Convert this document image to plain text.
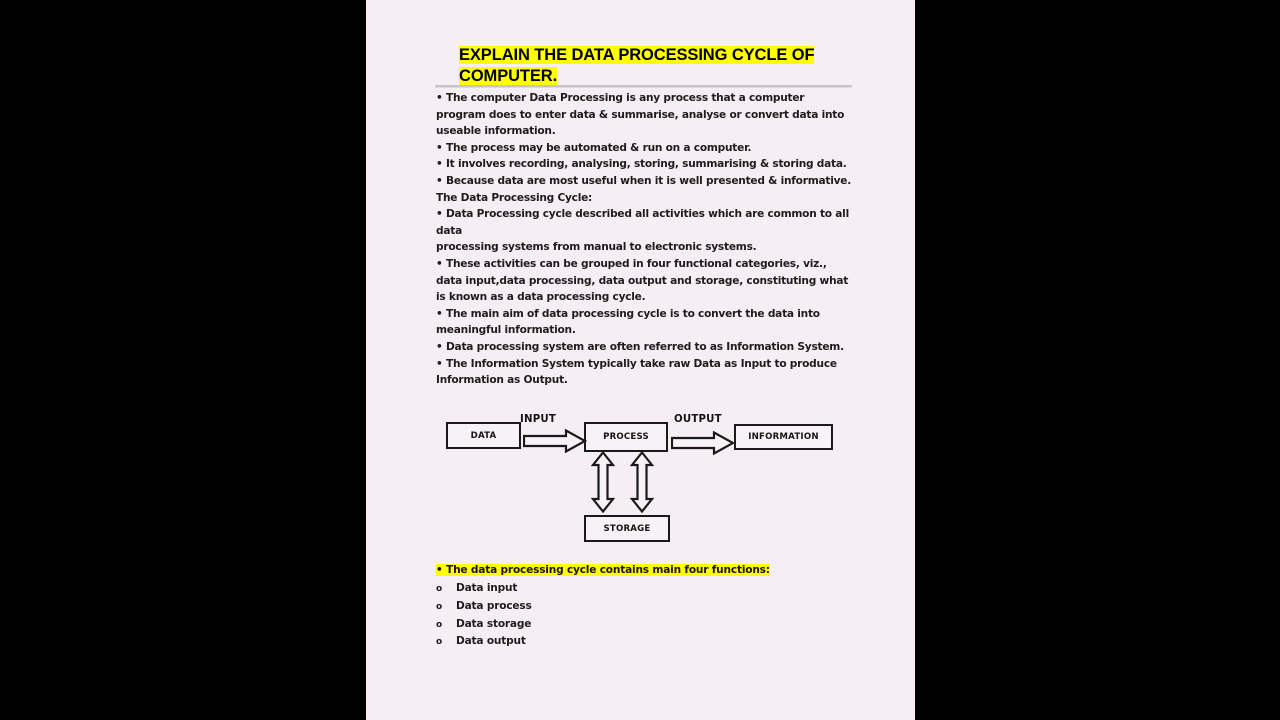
EXPLAIN THE DATA PROCESSING CYCLE OF
COMPUTER.

• The computer Data Processing is any process that a computer program does to enter data & summarise, analyse or convert data into useable information.

• The process may be automated & run on a computer.

• It involves recording, analysing, storing, summarising & storing data.

• Because data are most useful when it is well presented & informative.

The Data Processing Cycle:

• Data Processing cycle described all activities which are common to all data

processing systems from manual to electronic systems.

• These activities can be grouped in four functional categories, viz., data input,data processing, data output and storage, constituting what is known as a data processing cycle.

• The main aim of data processing cycle is to convert the data into meaningful information.

• Data processing system are often referred to as Information System.

• The Information System typically take raw Data as Input to produce Information as Output.

DATA	PROCESS	INFORMATION
STORAGE
INPUT	OUTPUT
• The data processing cycle contains main four functions:
o	Data input
o	Data process
o	Data storage
o	Data output
